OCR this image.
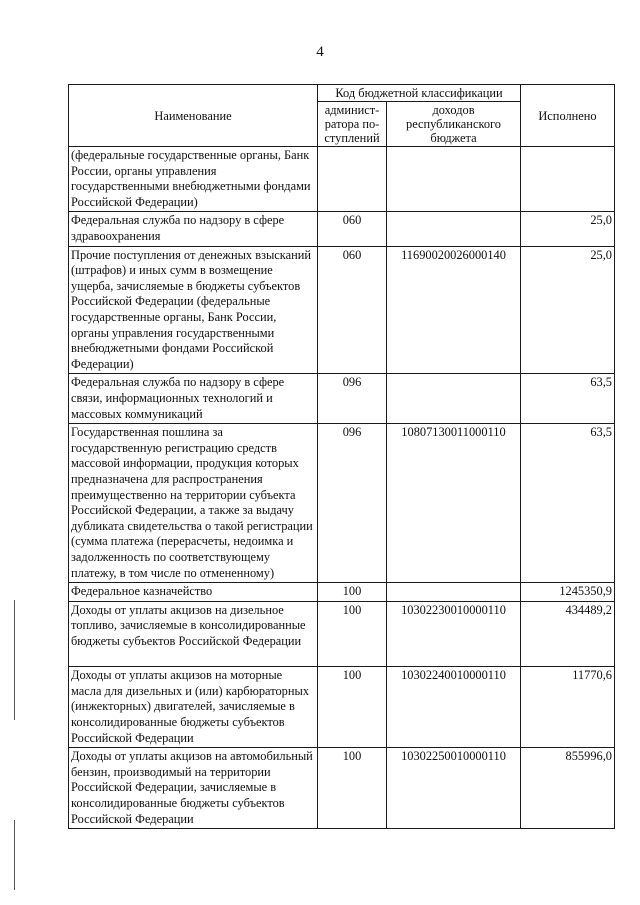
4
Наименование	Код бюджетной классификации		Исполнено
	админист-ратора по-ступлений	доходов республиканского бюджета	
(федеральные государственные органы, Банк России, органы управления государственными внебюджетными фондами Российской Федерации)			
Федеральная служба по надзору в сфере здравоохранения	060		25,0
Прочие поступления от денежных взысканий (штрафов) и иных сумм в возмещение ущерба, зачисляемые в бюджеты субъектов Российской Федерации (федеральные государственные органы, Банк России, органы управления государственными внебюджетными фондами Российской Федерации)	060	11690020026000140	25,0
Федеральная служба по надзору в сфере связи, информационных технологий и массовых коммуникаций	096		63,5
Государственная пошлина за государственную регистрацию средств массовой информации, продукция которых предназначена для распространения преимущественно на территории субъекта Российской Федерации, а также за выдачу дубликата свидетельства о такой регистрации (сумма платежа (перерасчеты, недоимка и задолженность по соответствующему платежу, в том числе по отмененному)	096	10807130011000110	63,5
Федеральное казначейство	100		1245350,9
Доходы от уплаты акцизов на дизельное топливо, зачисляемые в консолидированные бюджеты субъектов Российской Федерации	100	10302230010000110	434489,2
Доходы от уплаты акцизов на моторные масла для дизельных и (или) карбюраторных (инжекторных) двигателей, зачисляемые в консолидированные бюджеты субъектов Российской Федерации	100	10302240010000110	11770,6
Доходы от уплаты акцизов на автомобильный бензин, производимый на территории Российской Федерации, зачисляемые в консолидированные бюджеты субъектов Российской Федерации	100	10302250010000110	855996,0
